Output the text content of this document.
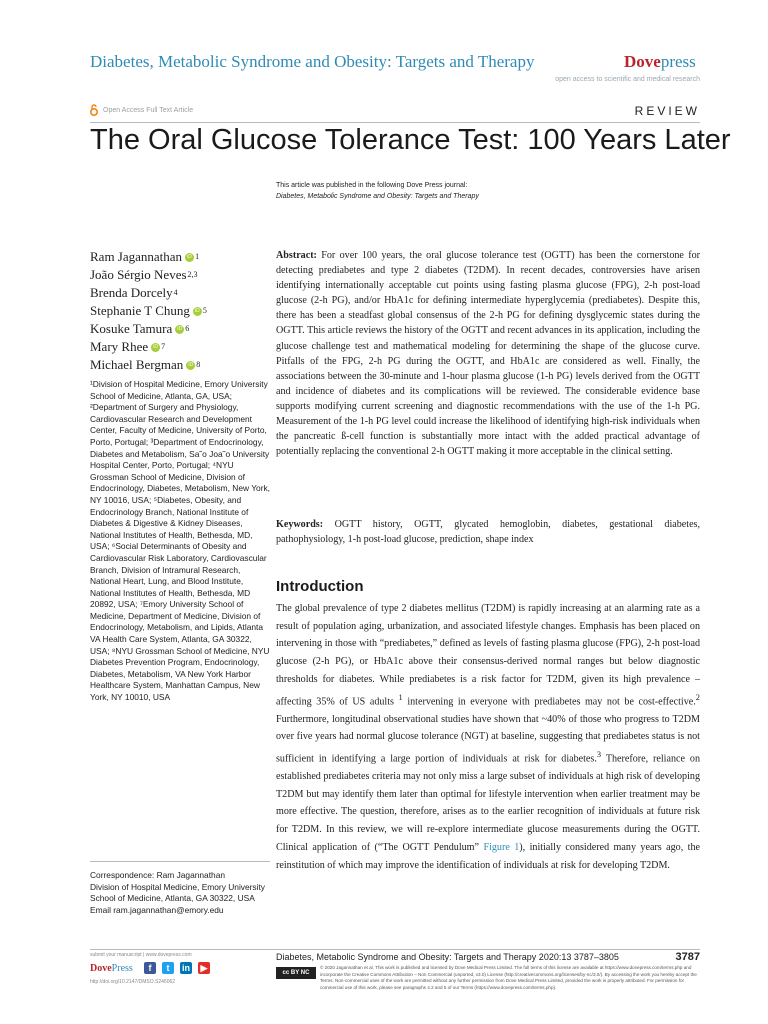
Diabetes, Metabolic Syndrome and Obesity: Targets and Therapy	Dovepress
open access to scientific and medical research
Open Access Full Text Article	REVIEW
The Oral Glucose Tolerance Test: 100 Years Later
This article was published in the following Dove Press journal:
Diabetes, Metabolic Syndrome and Obesity: Targets and Therapy
Ram Jagannathan	iD 1
João Sérgio Neves 2,3
Brenda Dorcely 4
Stephanie T Chung	iD 5
Kosuke Tamura	iD 6
Mary Rhee	iD 7
Michael Bergman	iD 8
¹Division of Hospital Medicine, Emory University School of Medicine, Atlanta, GA, USA; ²Department of Surgery and Physiology, Cardiovascular Research and Development Center, Faculty of Medicine, University of Porto, Porto, Portugal; ³Department of Endocrinology, Diabetes and Metabolism, Sa˜o Joa˜o University Hospital Center, Porto, Portugal; ⁴NYU Grossman School of Medicine, Division of Endocrinology, Diabetes, Metabolism, New York, NY 10016, USA; ⁵Diabetes, Obesity, and Endocrinology Branch, National Institute of Diabetes & Digestive & Kidney Diseases, National Institutes of Health, Bethesda, MD, USA; ⁶Social Determinants of Obesity and Cardiovascular Risk Laboratory, Cardiovascular Branch, Division of Intramural Research, National Heart, Lung, and Blood Institute, National Institutes of Health, Bethesda, MD 20892, USA; ⁷Emory University School of Medicine, Department of Medicine, Division of Endocrinology, Metabolism, and Lipids, Atlanta VA Health Care System, Atlanta, GA 30322, USA; ⁸NYU Grossman School of Medicine, NYU Diabetes Prevention Program, Endocrinology, Diabetes, Metabolism, VA New York Harbor Healthcare System, Manhattan Campus, New York, NY 10010, USA
Correspondence: Ram Jagannathan
Division of Hospital Medicine, Emory University School of Medicine, Atlanta, GA 30322, USA
Email ram.jagannathan@emory.edu
Abstract: For over 100 years, the oral glucose tolerance test (OGTT) has been the cornerstone for detecting prediabetes and type 2 diabetes (T2DM). In recent decades, controversies have arisen identifying internationally acceptable cut points using fasting plasma glucose (FPG), 2-h post-load glucose (2-h PG), and/or HbA1c for defining intermediate hyperglycemia (prediabetes). Despite this, there has been a steadfast global consensus of the 2-h PG for defining dysglycemic states during the OGTT. This article reviews the history of the OGTT and recent advances in its application, including the glucose challenge test and mathematical modeling for determining the shape of the glucose curve. Pitfalls of the FPG, 2-h PG during the OGTT, and HbA1c are considered as well. Finally, the associations between the 30-minute and 1-hour plasma glucose (1-h PG) levels derived from the OGTT and incidence of diabetes and its complications will be reviewed. The considerable evidence base supports modifying current screening and diagnostic recommendations with the use of the 1-h PG. Measurement of the 1-h PG level could increase the likelihood of identifying high-risk individuals when the pancreatic ß-cell function is substantially more intact with the added practical advantage of potentially replacing the conventional 2-h OGTT making it more acceptable in the clinical setting.
Keywords: OGTT history, OGTT, glycated hemoglobin, diabetes, gestational diabetes, pathophysiology, 1-h post-load glucose, prediction, shape index
Introduction
The global prevalence of type 2 diabetes mellitus (T2DM) is rapidly increasing at an alarming rate as a result of population aging, urbanization, and associated lifestyle changes. Emphasis has been placed on intervening in those with “prediabetes,” defined as levels of fasting plasma glucose (FPG), 2-h post-load glucose (2-h PG), or HbA1c above their consensus-derived normal ranges but below diagnostic thresholds for diabetes. While prediabetes is a risk factor for T2DM, given its high prevalence – affecting 35% of US adults $^1$ intervening in everyone with prediabetes may not be cost-effective.$^2$ Furthermore, longitudinal observational studies have shown that ~40% of those who progress to T2DM over five years had normal glucose tolerance (NGT) at baseline, suggesting that prediabetes status is not sufficient in identifying a large portion of individuals at risk for diabetes.$^3$ Therefore, reliance on established prediabetes criteria may not only miss a large subset of individuals at high risk of developing T2DM but may identify them later than optimal for lifestyle intervention when earlier treatment may be more effective. The question, therefore, arises as to the earlier recognition of individuals at future risk for T2DM. In this review, we will re-explore intermediate glucose measurements during the OGTT. Clinical application of (“The OGTT Pendulum” Figure 1), initially considered many years ago, the reinstitution of which may improve the identification of individuals at risk for developing T2DM.
submit your manuscript | www.dovepress.com
DovePress	f	t	in ▶
http://doi.org/10.2147/DMSO.S246062
Diabetes, Metabolic Syndrome and Obesity: Targets and Therapy 2020:13 3787–3805	3787
cc BY NC
© 2020 Jagannathan et al. This work is published and licensed by Dove Medical Press Limited. The full terms of this license are available at https://www.dovepress.com/terms.php and incorporate the Creative Commons Attribution – Non Commercial (unported, v3.0) License (http://creativecommons.org/licenses/by-nc/3.0/). By accessing the work you hereby accept the Terms. Non-commercial uses of the work are permitted without any further permission from Dove Medical Press Limited, provided the work is properly attributed. For permission for commercial use of this work, please see paragraphs 4.2 and 5 of our Terms (https://www.dovepress.com/terms.php).
